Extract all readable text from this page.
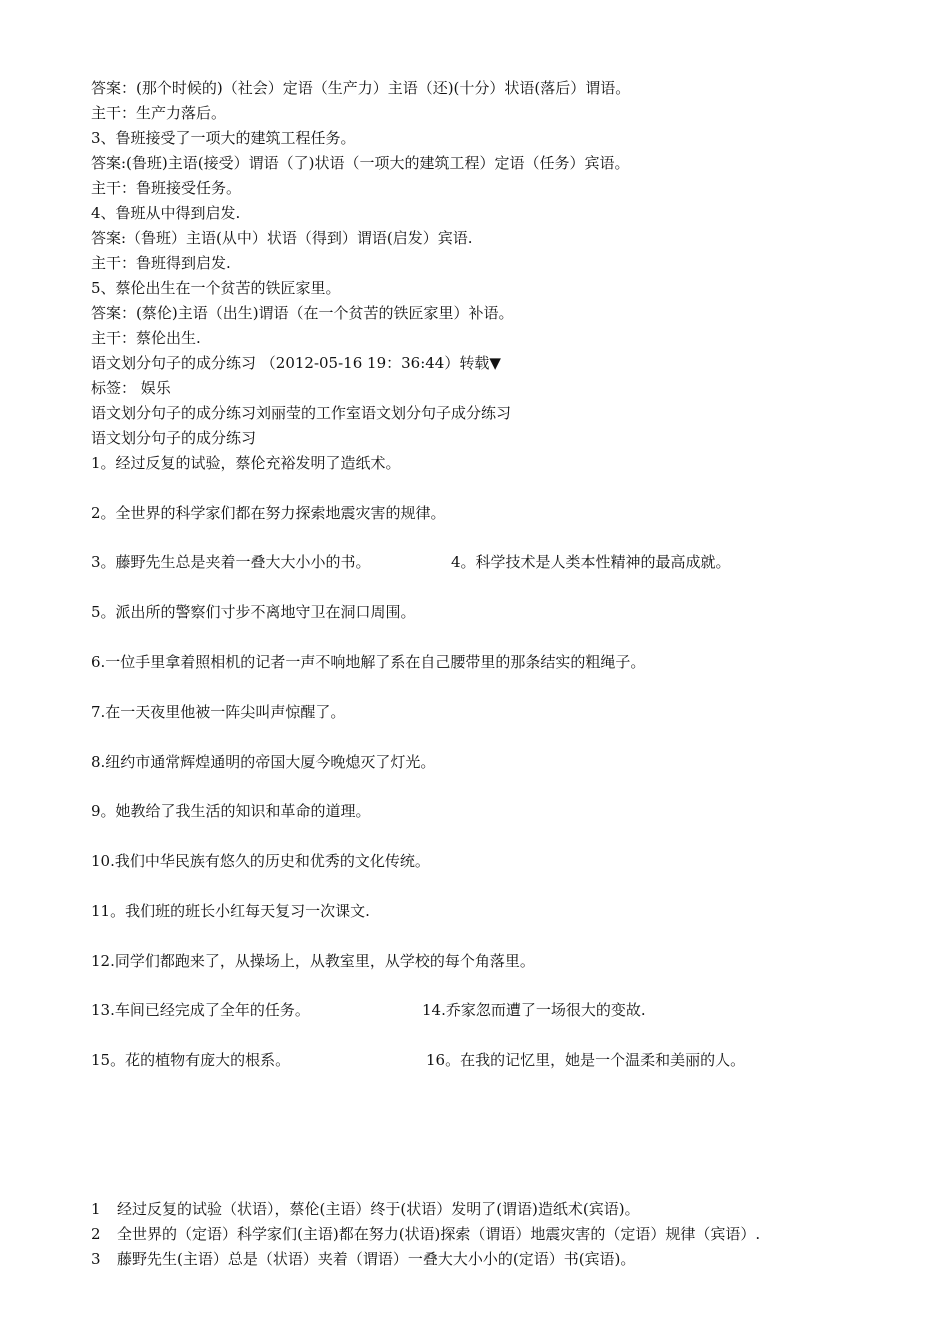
答案：(那个时候的)（社会）定语（生产力）主语（还)(十分）状语(落后）谓语。
主干：生产力落后。
3、鲁班接受了一项大的建筑工程任务。
答案:(鲁班)主语(接受）谓语（了)状语（一项大的建筑工程）定语（任务）宾语。
主干：鲁班接受任务。
4、鲁班从中得到启发.
答案:（鲁班）主语(从中）状语（得到）谓语(启发）宾语.
主干：鲁班得到启发.
5、蔡伦出生在一个贫苦的铁匠家里。
答案：(蔡伦)主语（出生)谓语（在一个贫苦的铁匠家里）补语。
主干：蔡伦出生.
语文划分句子的成分练习 （2012-05-16 19：36:44）转载▼
标签： 娱乐
语文划分句子的成分练习刘丽莹的工作室语文划分句子成分练习
语文划分句子的成分练习
1。经过反复的试验，蔡伦充裕发明了造纸术。
2。全世界的科学家们都在努力探索地震灾害的规律。
3。藤野先生总是夹着一叠大大小小的书。	4。科学技术是人类本性精神的最高成就。
5。派出所的警察们寸步不离地守卫在洞口周围。
6.一位手里拿着照相机的记者一声不响地解了系在自己腰带里的那条结实的粗绳子。
7.在一天夜里他被一阵尖叫声惊醒了。
8.纽约市通常辉煌通明的帝国大厦今晚熄灭了灯光。
9。她教给了我生活的知识和革命的道理。
10.我们中华民族有悠久的历史和优秀的文化传统。
11。我们班的班长小红每天复习一次课文.
12.同学们都跑来了，从操场上，从教室里，从学校的每个角落里。
13.车间已经完成了全年的任务。	14.乔家忽而遭了一场很大的变故.
15。花的植物有庞大的根系。	16。在我的记忆里，她是一个温柔和美丽的人。
1 经过反复的试验（状语），蔡伦(主语）终于(状语）发明了(谓语)造纸术(宾语)。
2 全世界的（定语）科学家们(主语)都在努力(状语)探索（谓语）地震灾害的（定语）规律（宾语）.
3 藤野先生(主语）总是（状语）夹着（谓语）一叠大大小小的(定语）书(宾语)。
